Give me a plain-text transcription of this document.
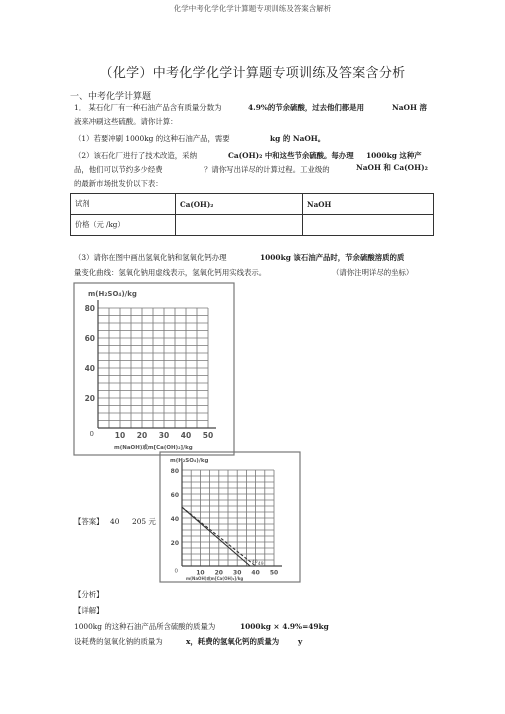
化学中考化学化学计算题专项训练及答案含解析
（化学）中考化学化学计算题专项训练及答案含分析
一、中考化学计算题
1． 某石化厂有一种石油产品含有质量分数为	4.9%的节余硫酸，过去他们都是用	NaOH 溶
液来冲刷这些硫酸。请你计算：
（1）若要冲刷 1000kg 的这种石油产品，需要	kg 的 NaOH。
（2）该石化厂进行了技术改造，采纳	Ca(OH)₂ 中和这些节余硫酸。每办理 1000kg 这种产
品，他们可以节约多少经费	？请你写出详尽的计算过程。工业级的	NaOH 和 Ca(OH)₂
的最新市场批发价以下表：
试剂	Ca(OH)₂	NaOH
价格（元 /kg）		
（3）请你在图中画出氢氧化钠和氢氧化钙办理	1000kg 该石油产品时，节余硫酸溶质的质
量变化曲线：氢氧化钠用虚线表示，氢氧化钙用实线表示。	（请你注明详尽的坐标）
m(H₂SO₄)/kg
m(NaOH)或m[Ca(OH)₂]/kg
20
40
60
80
10 20 30 40 50
0
m(H₂SO₄)/kg
m(NaOH)或m[Ca(OH)₂]/kg
20
40
60
80
10 20 30 40 50
0
40 49
【答案】 40 205 元
【分析】
【详解】
1000kg 的这种石油产品所含硫酸的质量为	1000kg × 4.9%=49kg
设耗费的氢氧化钠的质量为	x，耗费的氢氧化钙的质量为	y
